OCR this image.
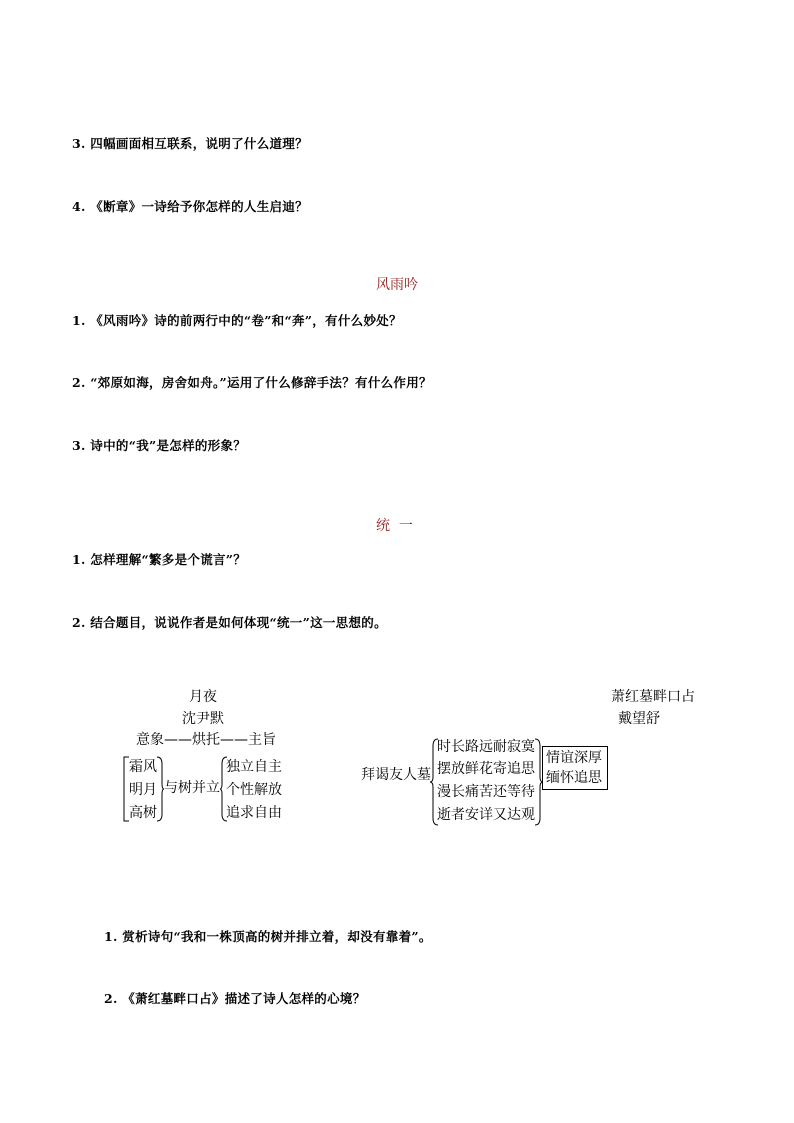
3. 四幅画面相互联系，说明了什么道理？
4. 《断章》一诗给予你怎样的人生启迪？
风雨吟
1. 《风雨吟》诗的前两行中的“卷”和“奔”，有什么妙处？
2. “郊原如海，房舍如舟。”运用了什么修辞手法？有什么作用？
3. 诗中的“我”是怎样的形象？
统  一
1. 怎样理解“繁多是个谎言”？
2. 结合题目，说说作者是如何体现“统一”这一思想的。
月夜
沈尹默
意象——烘托——主旨
霜风
明月
高树
与树并立
独立自主
个性解放
追求自由
萧红墓畔口占
戴望舒
拜谒友人墓
时长路远耐寂寞
摆放鲜花寄追思
漫长痛苦还等待
逝者安详又达观
情谊深厚
缅怀追思
1. 赏析诗句“我和一株顶高的树并排立着，却没有靠着”。
2. 《萧红墓畔口占》描述了诗人怎样的心境？
